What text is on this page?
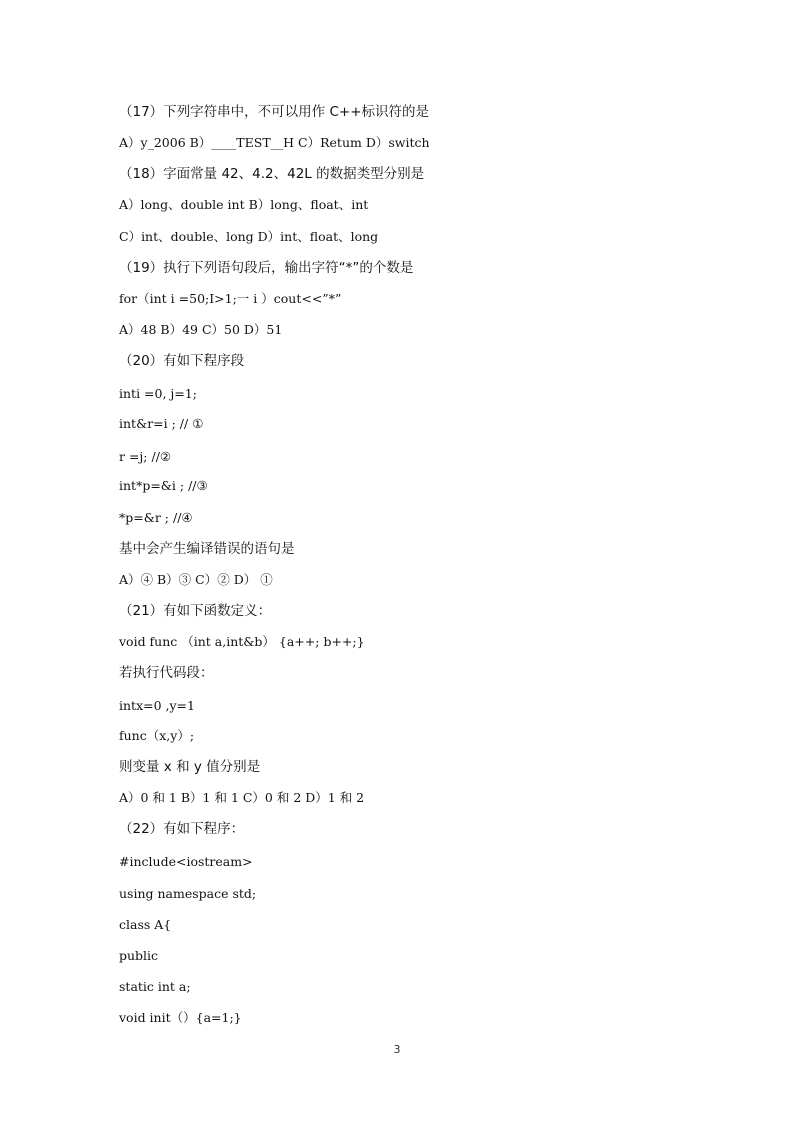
（17）下列字符串中，不可以用作 C++标识符的是
A）y_2006 B）____TEST__H C）Retum D）switch
（18）字面常量 42、4.2、42L 的数据类型分别是
A）long、double int B）long、float、int
C）int、double、long D）int、float、long
（19）执行下列语句段后，输出字符“*”的个数是
for（int i =50;I>1;一 i ）cout<<”*”
A）48 B）49 C）50 D）51
（20）有如下程序段
inti =0, j=1;
int&r=i ; // ①
r =j; //②
int*p=&i ; //③
*p=&r ; //④
基中会产生编译错误的语句是
A）④ B）③ C）② D） ①
（21）有如下函数定义：
void func （int a,int&b） {a++; b++;}
若执行代码段：
intx=0 ,y=1
func（x,y）;
则变量 x 和 y 值分别是
A）0 和 1 B）1 和 1 C）0 和 2 D）1 和 2
（22）有如下程序：
#include<iostream>
using namespace std;
class A{
public
static int a;
void init（）{a=1;}
3
